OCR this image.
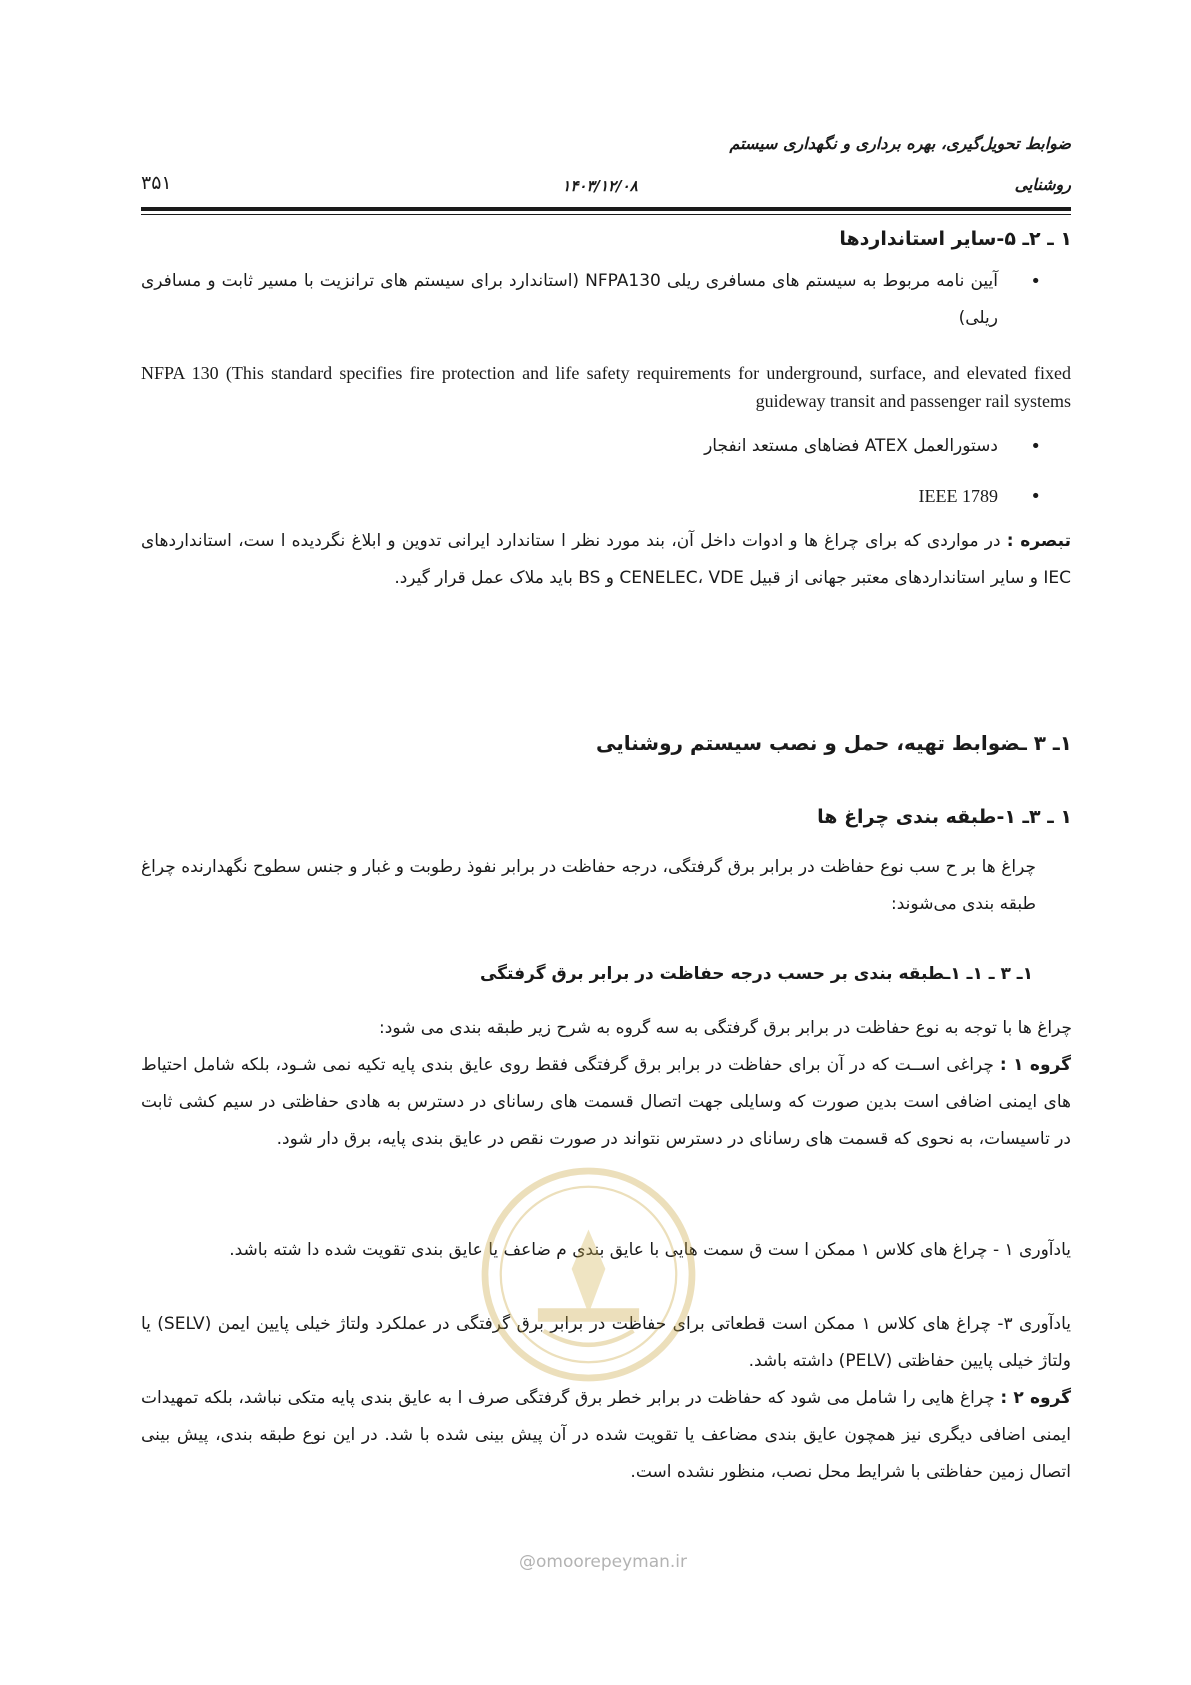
ضوابط تحویل‌گیری، بهره برداری و نگهداری سیستم
روشنایی
۱۴۰۳/۱۲/۰۸
۳۵۱
۱ ـ ۲ـ ۵-سایر استانداردها
•
آیین نامه مربوط به سیستم های مسافری ریلی NFPA130 (استاندارد برای سیستم های ترانزیت با مسیر ثابت و مسافری ریلی)
NFPA 130 (This standard specifies fire protection and life safety requirements for underground, surface, and elevated fixed guideway transit and passenger rail systems
•
دستورالعمل ATEX فضاهای مستعد انفجار
•
IEEE 1789
تبصره : در مواردی که برای چراغ ها و ادوات داخل آن، بند مورد نظر ا ستاندارد ایرانی تدوین و ابلاغ نگردیده ا ست، استانداردهای IEC و سایر استانداردهای معتبر جهانی از قبیل CENELEC، VDE و BS باید ملاک عمل قرار گیرد.
۱ـ ۳ ـضوابط تهیه، حمل و نصب سیستم روشنایی
۱ ـ ۳ـ ۱-طبقه بندی چراغ ها
چراغ ها بر ح سب نوع حفاظت در برابر برق گرفتگی، درجه حفاظت در برابر نفوذ رطوبت و غبار و جنس سطوح نگهدارنده چراغ طبقه بندی می‌شوند:
۱ـ ۳ ـ ۱ـ ۱ـطبقه بندی بر حسب درجه حفاظت در برابر برق گرفتگی
چراغ ها با توجه به نوع حفاظت در برابر برق گرفتگی به سه گروه به شرح زیر طبقه بندی می شود:
گروه ۱ : چراغی اســت که در آن برای حفاظت در برابر برق گرفتگی فقط روی عایق بندی پایه تکیه نمی شـود، بلکه شامل احتیاط های ایمنی اضافی است بدین صورت که وسایلی جهت اتصال قسمت های رسانای در دسترس به هادی حفاظتی در سیم کشی ثابت در تاسیسات، به نحوی که قسمت های رسانای در دسترس نتواند در صورت نقص در عایق بندی پایه، برق دار شود.
یادآوری ۱ - چراغ های کلاس ۱ ممکن ا ست ق سمت هایی با عایق بندی م ضاعف یا عایق بندی تقویت شده دا شته باشد.
یادآوری ۳- چراغ های کلاس ۱ ممکن است قطعاتی برای حفاظت در برابر برق گرفتگی در عملکرد ولتاژ خیلی پایین ایمن (SELV) یا ولتاژ خیلی پایین حفاظتی (PELV) داشته باشد.
گروه ۲ : چراغ هایی را شامل می شود که حفاظت در برابر خطر برق گرفتگی صرف ا به عایق بندی پایه متکی نباشد، بلکه تمهیدات ایمنی اضافی دیگری نیز همچون عایق بندی مضاعف یا تقویت شده در آن پیش بینی شده با شد. در این نوع طبقه بندی، پیش بینی اتصال زمین حفاظتی با شرایط محل نصب، منظور نشده است.
@omoorepeyman.ir
